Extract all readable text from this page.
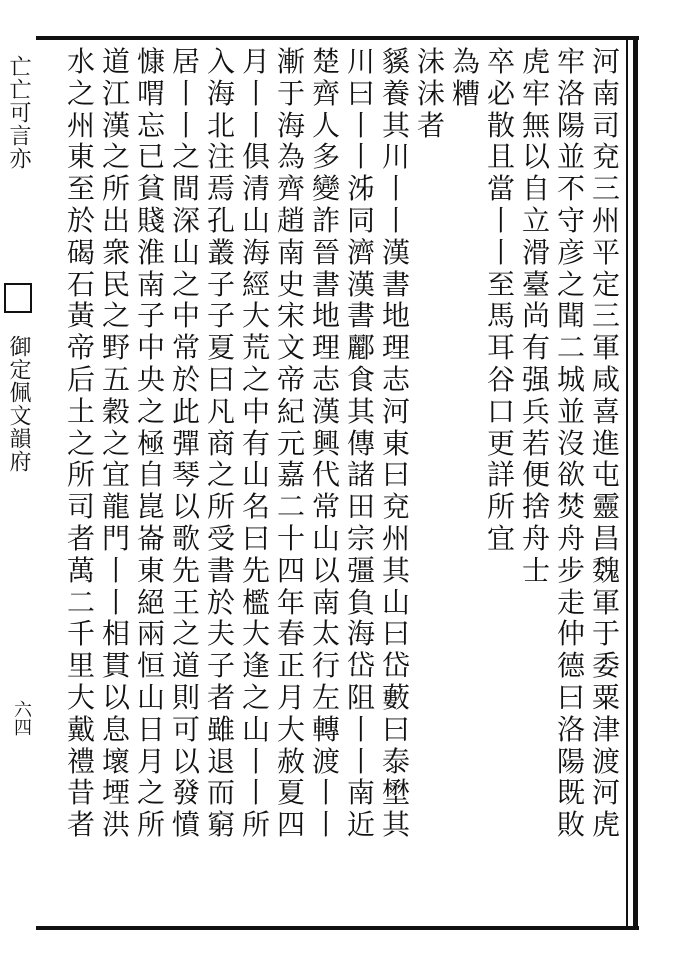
亡亡可言亦
御定佩文韻府
六四
河
南
司
兗
三
州
平
定
三
軍
咸
喜
進
屯
靈
昌
魏
軍
于
委
粟
津
渡
河
虎
牢
洛
陽
並
不
守
彦
之
聞
二
城
並
沒
欲
焚
舟
步
走
仲
德
曰
洛
陽
既
敗
虎
牢
無
以
自
立
滑
臺
尚
有
强
兵
若
便
捨
舟
士
卒
必
散
且
當
丨
丨
至
馬
耳
谷
口
更
詳
所
宜
為
糟
沬
沬
者
貕
養
其
川
丨
丨
漢
書
地
理
志
河
東
曰
兗
州
其
山
曰
岱
藪
曰
泰
壄
其
川
曰
丨
丨
泲
同
濟
漢
書
酈
食
其
傳
諸
田
宗
彊
負
海
岱
阻
丨
丨
南
近
楚
齊
人
多
變
詐
晉
書
地
理
志
漢
興
代
常
山
以
南
太
行
左
轉
渡
丨
丨
漸
于
海
為
齊
趙
南
史
宋
文
帝
紀
元
嘉
二
十
四
年
春
正
月
大
赦
夏
四
月
丨
丨
俱
清
山
海
經
大
荒
之
中
有
山
名
曰
先
檻
大
逢
之
山
丨
丨
所
入
海
北
注
焉
孔
叢
子
子
夏
曰
凡
商
之
所
受
書
於
夫
子
者
雖
退
而
窮
居
丨
丨
之
間
深
山
之
中
常
於
此
彈
琴
以
歌
先
王
之
道
則
可
以
發
憤
慷
喟
忘
已
貧
賤
淮
南
子
中
央
之
極
自
崑
崙
東
絕
兩
恒
山
日
月
之
所
道
江
漢
之
所
出
衆
民
之
野
五
穀
之
宜
龍
門
丨
丨
相
貫
以
息
壞
堙
洪
水
之
州
東
至
於
碣
石
黃
帝
后
土
之
所
司
者
萬
二
千
里
大
戴
禮
昔
者
